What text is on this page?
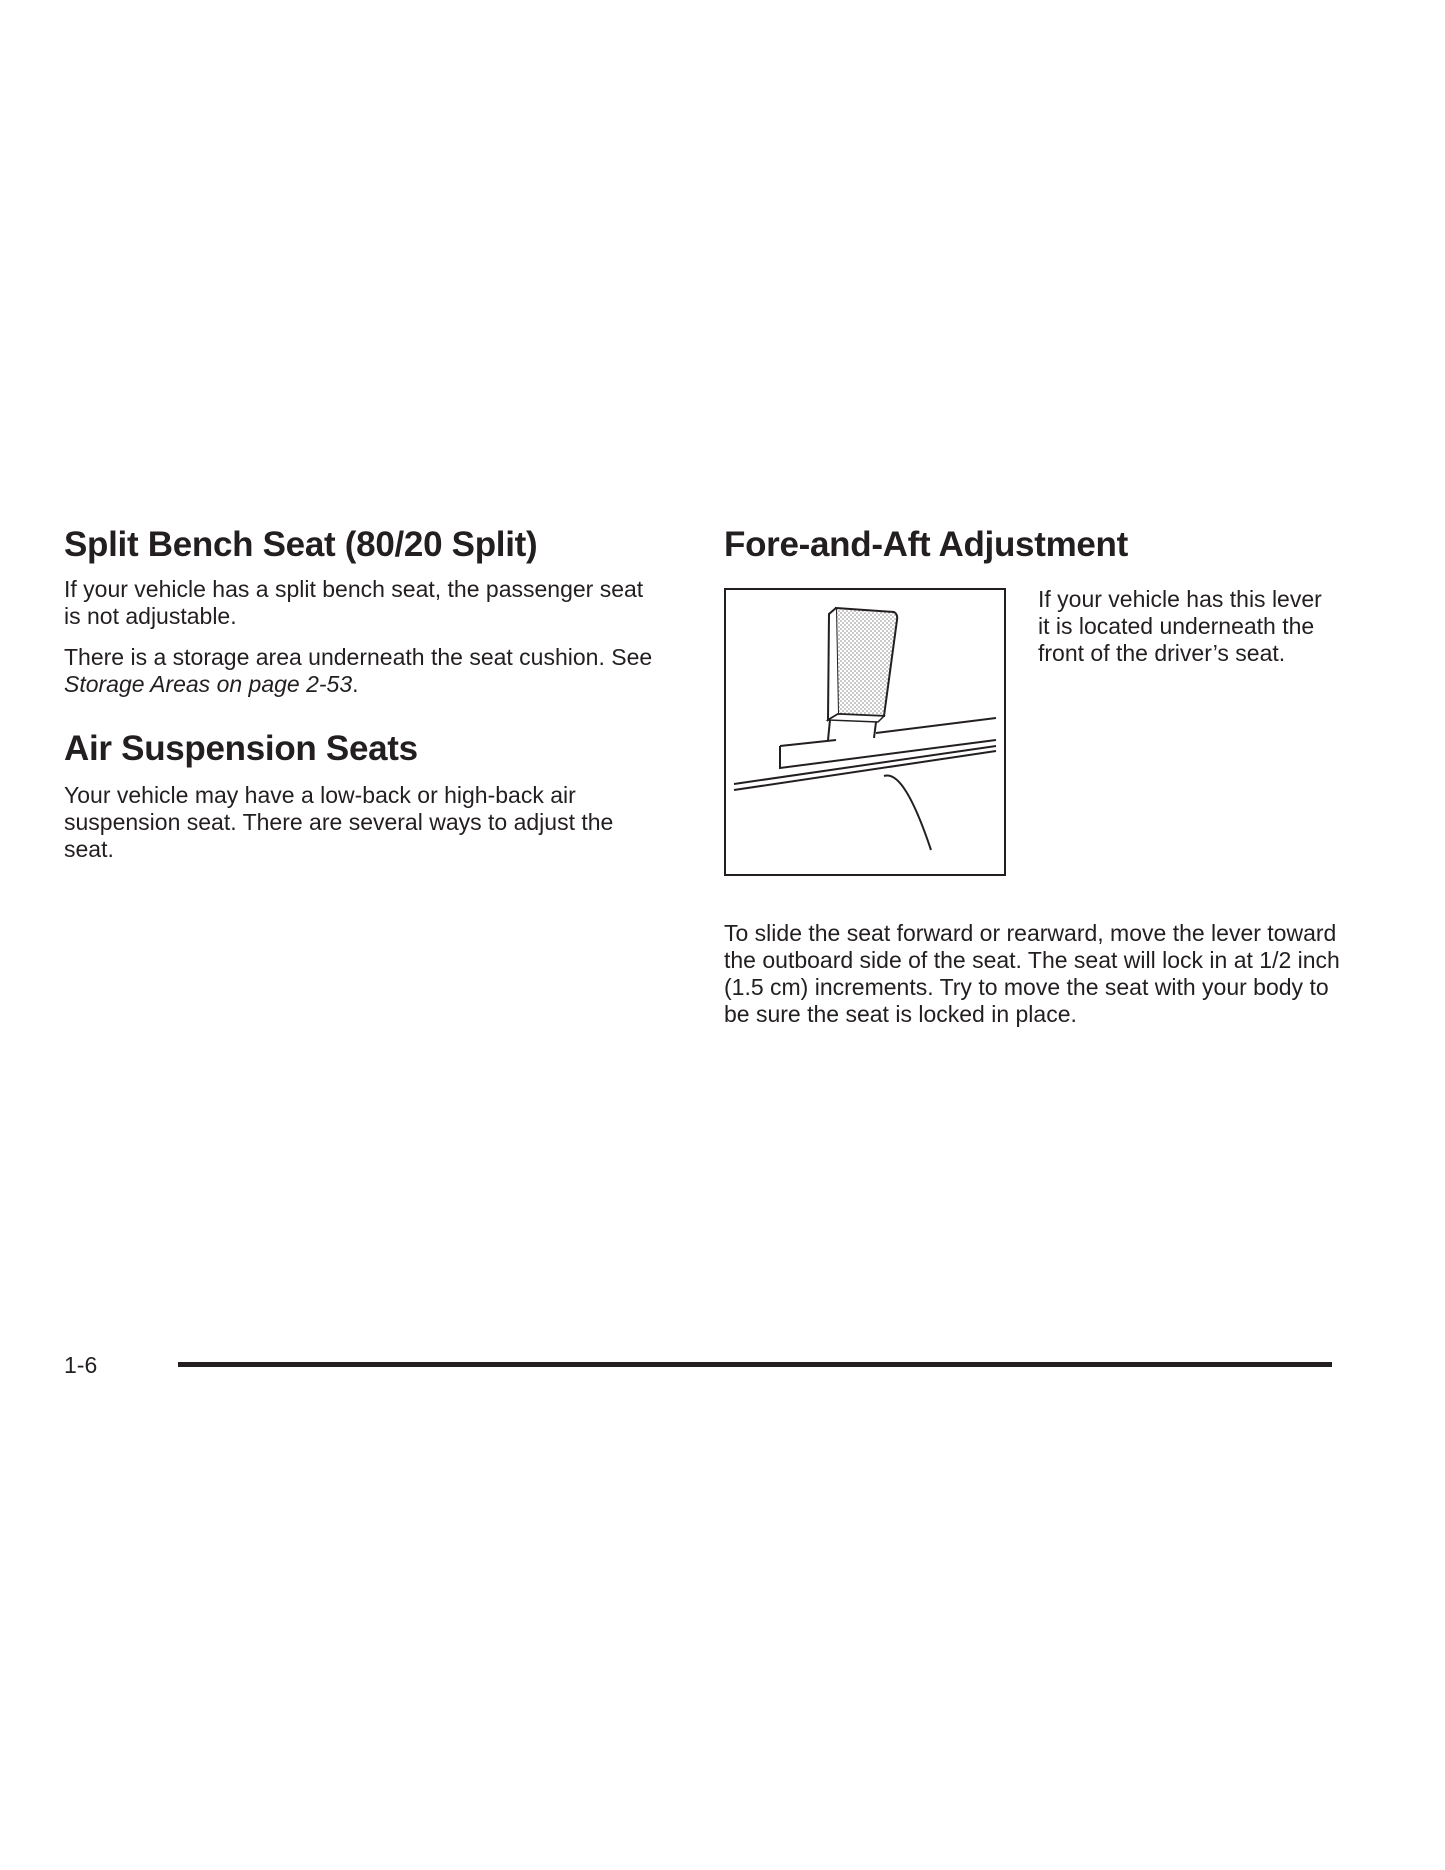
Split Bench Seat (80/20 Split)

If your vehicle has a split bench seat, the passenger seat is not adjustable.

There is a storage area underneath the seat cushion. See Storage Areas on page 2-53.

Air Suspension Seats

Your vehicle may have a low-back or high-back air suspension seat. There are several ways to adjust the seat.

Fore-and-Aft Adjustment

If your vehicle has this lever it is located underneath the front of the driver’s seat.

To slide the seat forward or rearward, move the lever toward the outboard side of the seat. The seat will lock in at 1/2 inch (1.5 cm) increments. Try to move the seat with your body to be sure the seat is locked in place.

1-6
